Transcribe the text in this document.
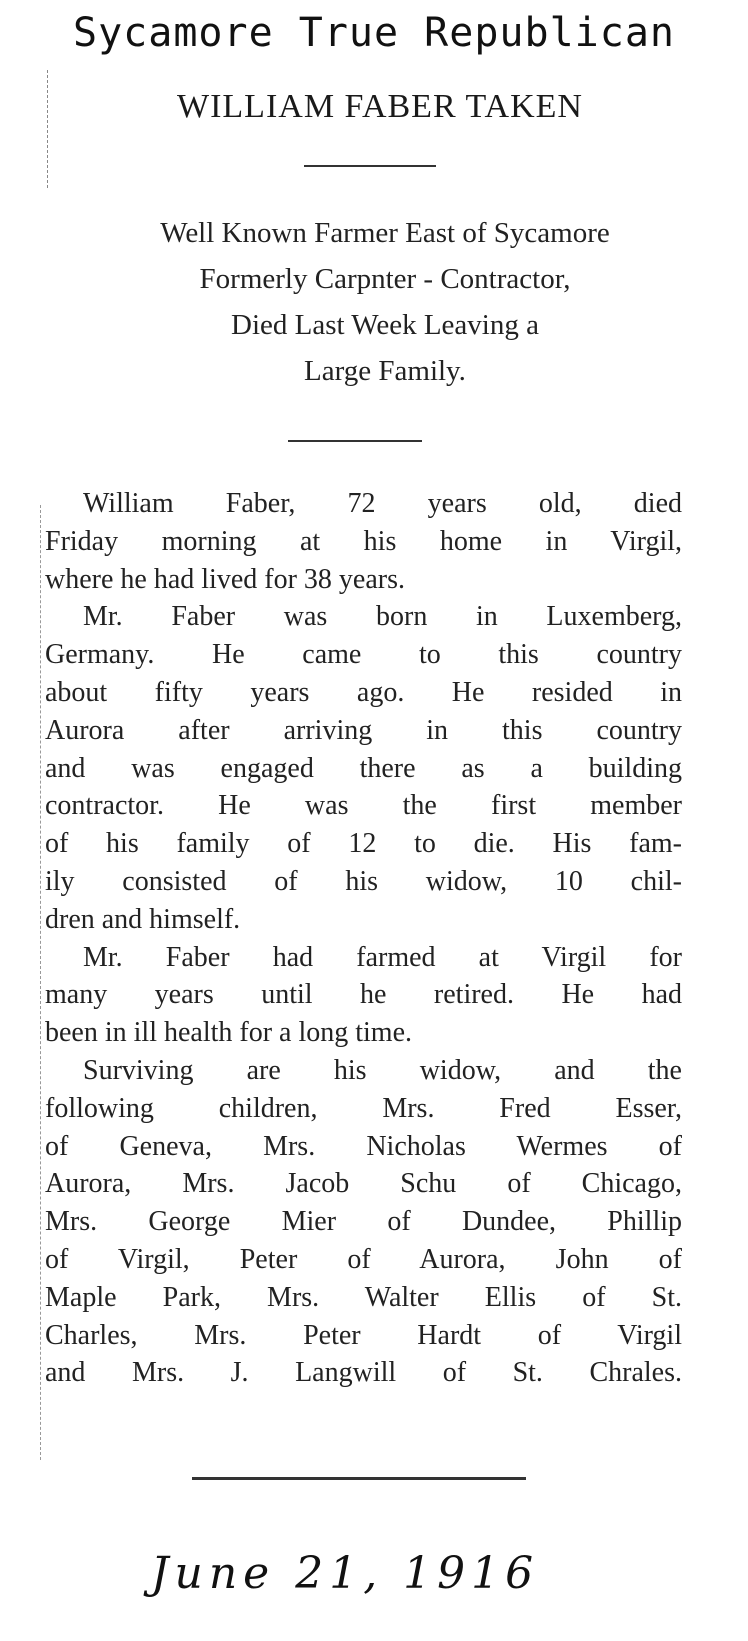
Sycamore True Republican
WILLIAM FABER TAKEN
Well Known Farmer East of Sycamore
Formerly Carpnter - Contractor,
Died Last Week Leaving a
Large Family.
William Faber, 72 years old, died
Friday morning at his home in Virgil,
where he had lived for 38 years.
Mr. Faber was born in Luxemberg,
Germany. He came to this country
about fifty years ago. He resided in
Aurora after arriving in this country
and was engaged there as a building
contractor. He was the first member
of his family of 12 to die. His fam-
ily consisted of his widow, 10 chil-
dren and himself.
Mr. Faber had farmed at Virgil for
many years until he retired. He had
been in ill health for a long time.
Surviving are his widow, and the
following children, Mrs. Fred Esser,
of Geneva, Mrs. Nicholas Wermes of
Aurora, Mrs. Jacob Schu of Chicago,
Mrs. George Mier of Dundee, Phillip
of Virgil, Peter of Aurora, John of
Maple Park, Mrs. Walter Ellis of St.
Charles, Mrs. Peter Hardt of Virgil
and Mrs. J. Langwill of St. Chrales.
June 21, 1916
